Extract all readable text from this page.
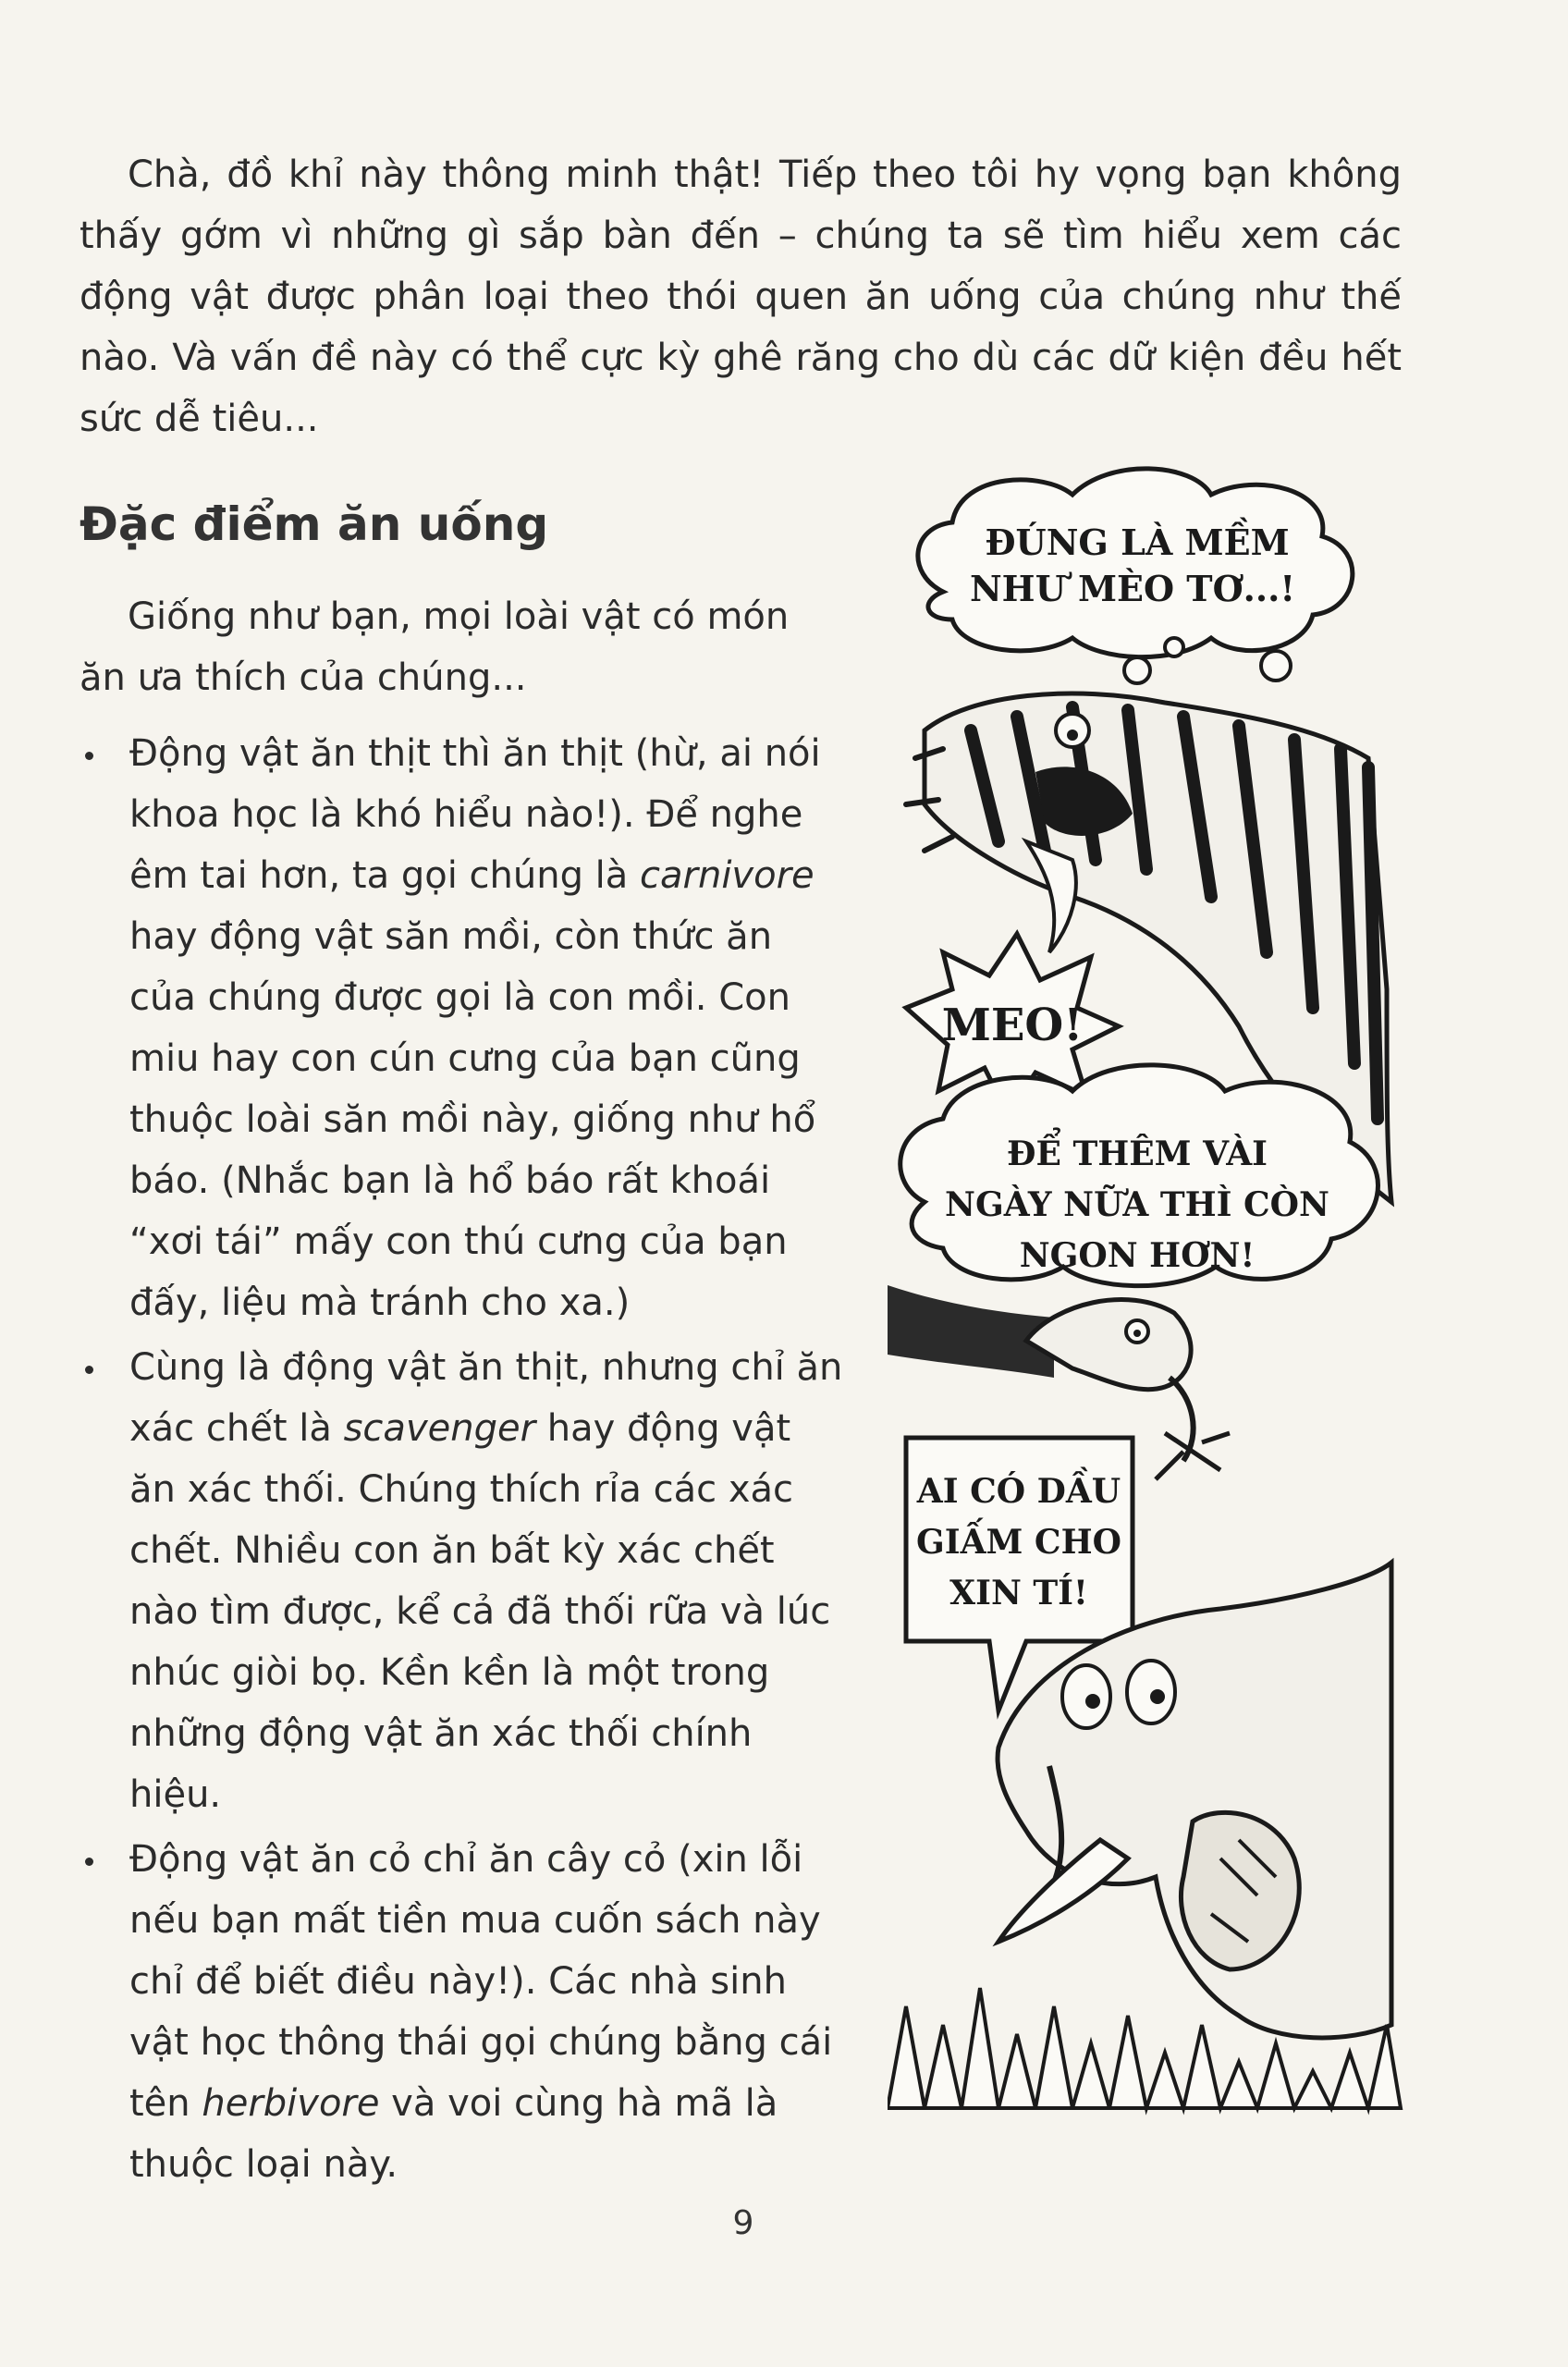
Chà, đồ khỉ này thông minh thật! Tiếp theo tôi hy vọng bạn không thấy gớm vì những gì sắp bàn đến – chúng ta sẽ tìm hiểu xem các động vật được phân loại theo thói quen ăn uống của chúng như thế nào. Và vấn đề này có thể cực kỳ ghê răng cho dù các dữ kiện đều hết sức dễ tiêu...

Đặc điểm ăn uống

Giống như bạn, mọi loài vật có món ăn ưa thích của chúng...

Động vật ăn thịt thì ăn thịt (hừ, ai nói khoa học là khó hiểu nào!). Để nghe êm tai hơn, ta gọi chúng là carnivore hay động vật săn mồi, còn thức ăn của chúng được gọi là con mồi. Con miu hay con cún cưng của bạn cũng thuộc loài săn mồi này, giống như hổ báo. (Nhắc bạn là hổ báo rất khoái “xơi tái” mấy con thú cưng của bạn đấy, liệu mà tránh cho xa.)
Cùng là động vật ăn thịt, nhưng chỉ ăn xác chết là scavenger hay động vật ăn xác thối. Chúng thích rỉa các xác chết. Nhiều con ăn bất kỳ xác chết nào tìm được, kể cả đã thối rữa và lúc nhúc giòi bọ. Kền kền là một trong những động vật ăn xác thối chính hiệu.
Động vật ăn cỏ chỉ ăn cây cỏ (xin lỗi nếu bạn mất tiền mua cuốn sách này chỉ để biết điều này!). Các nhà sinh vật học thông thái gọi chúng bằng cái tên herbivore và voi cùng hà mã là thuộc loại này.
ĐÚNG LÀ MỀM
NHƯ MÈO TƠ...!
MEO!
ĐỂ THÊM VÀI
NGÀY NỮA THÌ CÒN
NGON HƠN!
AI CÓ DẦU
GIẤM CHO
XIN TÍ!
9
